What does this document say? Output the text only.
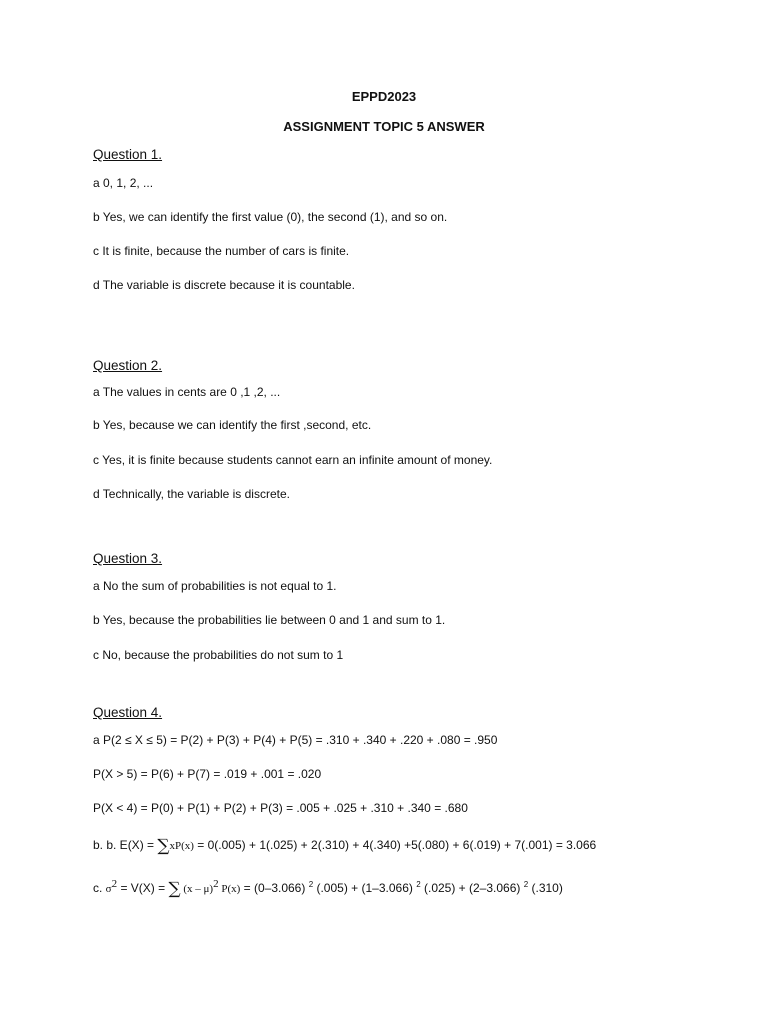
EPPD2023
ASSIGNMENT TOPIC 5 ANSWER
Question 1.
a 0, 1, 2, ...
b Yes, we can identify the first value (0), the second (1), and so on.
c It is finite, because the number of cars is finite.
d The variable is discrete because it is countable.
Question 2.
a The values in cents are 0 ,1 ,2, ...
b Yes, because we can identify the first ,second, etc.
c Yes, it is finite because students cannot earn an infinite amount of money.
d Technically, the variable is discrete.
Question 3.
a No the sum of probabilities is not equal to 1.
b Yes, because the probabilities lie between 0 and 1 and sum to 1.
c No, because the probabilities do not sum to 1
Question 4.
a P(2 ≤ X ≤ 5) = P(2) + P(3) + P(4) + P(5) = .310 + .340 + .220 + .080 = .950
P(X > 5) = P(6) + P(7) = .019 + .001 = .020
P(X < 4) = P(0) + P(1) + P(2) + P(3) = .005 + .025 + .310 + .340 = .680
b. b. E(X) = ∑xP(x) = 0(.005) + 1(.025) + 2(.310) + 4(.340) +5(.080) + 6(.019) + 7(.001) = 3.066
c. $\sigma^2 = V(X)$ = ∑ (x – μ)$^2$ P(x) = (0–3.066) $^2$ (.005) + (1–3.066) $^2$ (.025) + (2–3.066) $^2$ (.310)
